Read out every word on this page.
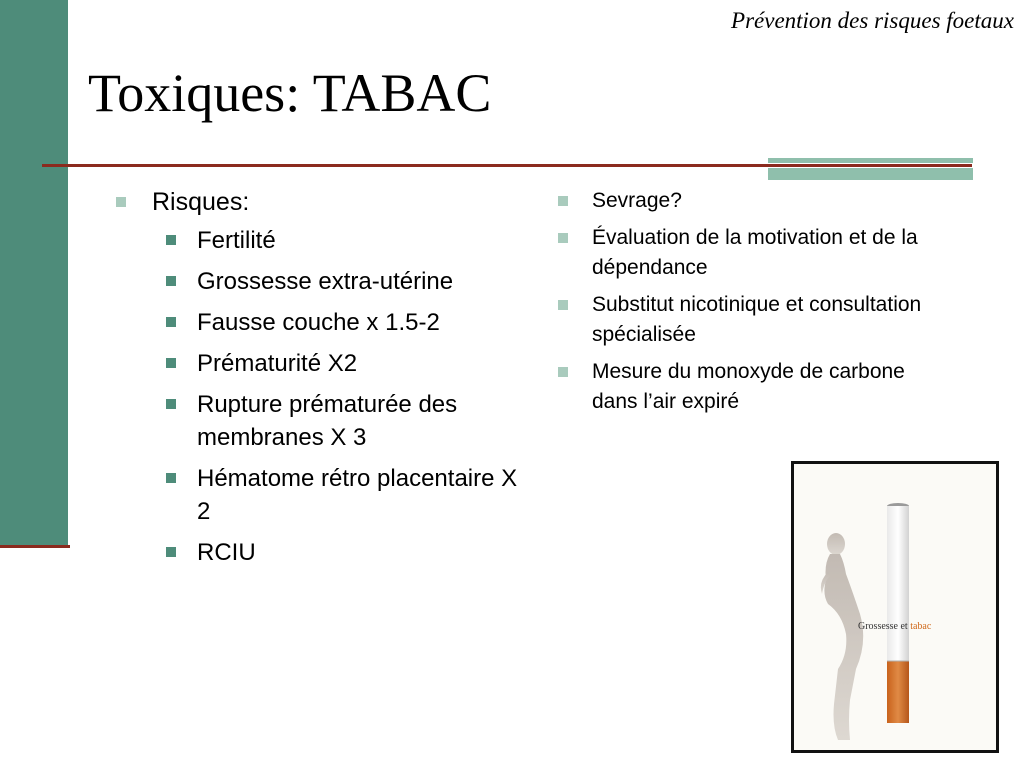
Prévention des risques foetaux
Toxiques: TABAC
Risques:
Fertilité
Grossesse extra-utérine
Fausse couche x 1.5-2
Prématurité X2
Rupture prématurée des membranes X 3
Hématome rétro placentaire X 2
RCIU
Sevrage?
Évaluation de la motivation et de la dépendance
Substitut nicotinique et consultation spécialisée
Mesure du monoxyde de carbone dans l’air expiré
Grossesse et tabac
